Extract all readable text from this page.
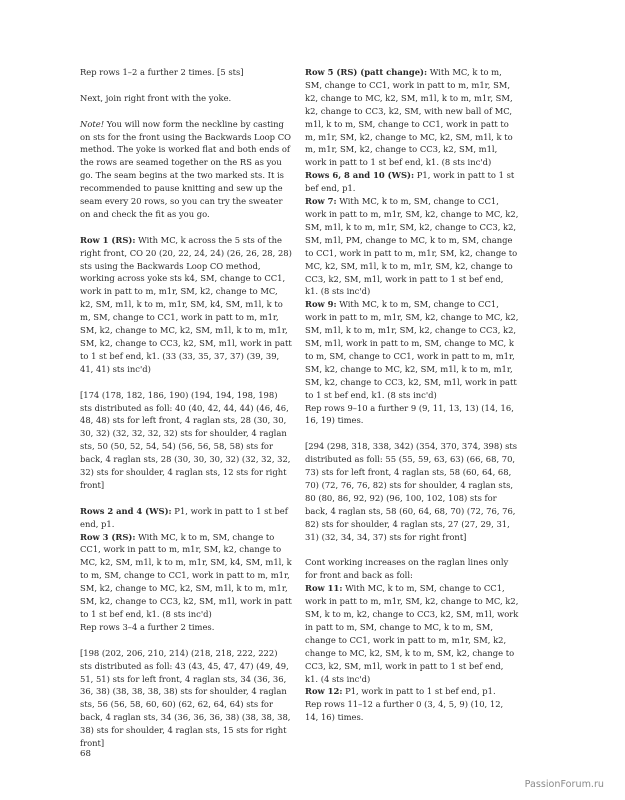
Rep rows 1–2 a further 2 times. [5 sts]

Next, join right front with the yoke.

Note! You will now form the neckline by casting on sts for the front using the Backwards Loop CO method. The yoke is worked flat and both ends of the rows are seamed together on the RS as you go. The seam begins at the two marked sts. It is recommended to pause knitting and sew up the seam every 20 rows, so you can try the sweater on and check the fit as you go.

Row 1 (RS): With MC, k across the 5 sts of the right front, CO 20 (20, 22, 24, 24) (26, 26, 28, 28) sts using the Backwards Loop CO method, working across yoke sts k4, SM, change to CC1, work in patt to m, m1r, SM, k2, change to MC, k2, SM, m1l, k to m, m1r, SM, k4, SM, m1l, k to m, SM, change to CC1, work in patt to m, m1r, SM, k2, change to MC, k2, SM, m1l, k to m, m1r, SM, k2, change to CC3, k2, SM, m1l, work in patt to 1 st bef end, k1. (33 (33, 35, 37, 37) (39, 39, 41, 41) sts inc'd)

[174 (178, 182, 186, 190) (194, 194, 198, 198) sts distributed as foll: 40 (40, 42, 44, 44) (46, 46, 48, 48) sts for left front, 4 raglan sts, 28 (30, 30, 30, 32) (32, 32, 32, 32) sts for shoulder, 4 raglan sts, 50 (50, 52, 54, 54) (56, 56, 58, 58) sts for back, 4 raglan sts, 28 (30, 30, 30, 32) (32, 32, 32, 32) sts for shoulder, 4 raglan sts, 12 sts for right front]

Rows 2 and 4 (WS): P1, work in patt to 1 st bef end, p1.

Row 3 (RS): With MC, k to m, SM, change to CC1, work in patt to m, m1r, SM, k2, change to MC, k2, SM, m1l, k to m, m1r, SM, k4, SM, m1l, k to m, SM, change to CC1, work in patt to m, m1r, SM, k2, change to MC, k2, SM, m1l, k to m, m1r, SM, k2, change to CC3, k2, SM, m1l, work in patt to 1 st bef end, k1. (8 sts inc'd)

Rep rows 3–4 a further 2 times.

[198 (202, 206, 210, 214) (218, 218, 222, 222) sts distributed as foll: 43 (43, 45, 47, 47) (49, 49, 51, 51) sts for left front, 4 raglan sts, 34 (36, 36, 36, 38) (38, 38, 38, 38) sts for shoulder, 4 raglan sts, 56 (56, 58, 60, 60) (62, 62, 64, 64) sts for back, 4 raglan sts, 34 (36, 36, 36, 38) (38, 38, 38, 38) sts for shoulder, 4 raglan sts, 15 sts for right front]

Row 5 (RS) (patt change): With MC, k to m, SM, change to CC1, work in patt to m, m1r, SM, k2, change to MC, k2, SM, m1l, k to m, m1r, SM, k2, change to CC3, k2, SM, with new ball of MC, m1l, k to m, SM, change to CC1, work in patt to m, m1r, SM, k2, change to MC, k2, SM, m1l, k to m, m1r, SM, k2, change to CC3, k2, SM, m1l, work in patt to 1 st bef end, k1. (8 sts inc'd)

Rows 6, 8 and 10 (WS): P1, work in patt to 1 st bef end, p1.

Row 7: With MC, k to m, SM, change to CC1, work in patt to m, m1r, SM, k2, change to MC, k2, SM, m1l, k to m, m1r, SM, k2, change to CC3, k2, SM, m1l, PM, change to MC, k to m, SM, change to CC1, work in patt to m, m1r, SM, k2, change to MC, k2, SM, m1l, k to m, m1r, SM, k2, change to CC3, k2, SM, m1l, work in patt to 1 st bef end, k1. (8 sts inc'd)

Row 9: With MC, k to m, SM, change to CC1, work in patt to m, m1r, SM, k2, change to MC, k2, SM, m1l, k to m, m1r, SM, k2, change to CC3, k2, SM, m1l, work in patt to m, SM, change to MC, k to m, SM, change to CC1, work in patt to m, m1r, SM, k2, change to MC, k2, SM, m1l, k to m, m1r, SM, k2, change to CC3, k2, SM, m1l, work in patt to 1 st bef end, k1. (8 sts inc'd)

Rep rows 9–10 a further 9 (9, 11, 13, 13) (14, 16, 16, 19) times.

[294 (298, 318, 338, 342) (354, 370, 374, 398) sts distributed as foll: 55 (55, 59, 63, 63) (66, 68, 70, 73) sts for left front, 4 raglan sts, 58 (60, 64, 68, 70) (72, 76, 76, 82) sts for shoulder, 4 raglan sts, 80 (80, 86, 92, 92) (96, 100, 102, 108) sts for back, 4 raglan sts, 58 (60, 64, 68, 70) (72, 76, 76, 82) sts for shoulder, 4 raglan sts, 27 (27, 29, 31, 31) (32, 34, 34, 37) sts for right front]

Cont working increases on the raglan lines only for front and back as foll:

Row 11: With MC, k to m, SM, change to CC1, work in patt to m, m1r, SM, k2, change to MC, k2, SM, k to m, k2, change to CC3, k2, SM, m1l, work in patt to m, SM, change to MC, k to m, SM, change to CC1, work in patt to m, m1r, SM, k2, change to MC, k2, SM, k to m, SM, k2, change to CC3, k2, SM, m1l, work in patt to 1 st bef end, k1. (4 sts inc'd)

Row 12: P1, work in patt to 1 st bef end, p1.

Rep rows 11–12 a further 0 (3, 4, 5, 9) (10, 12, 14, 16) times.

68
PassionForum.ru
